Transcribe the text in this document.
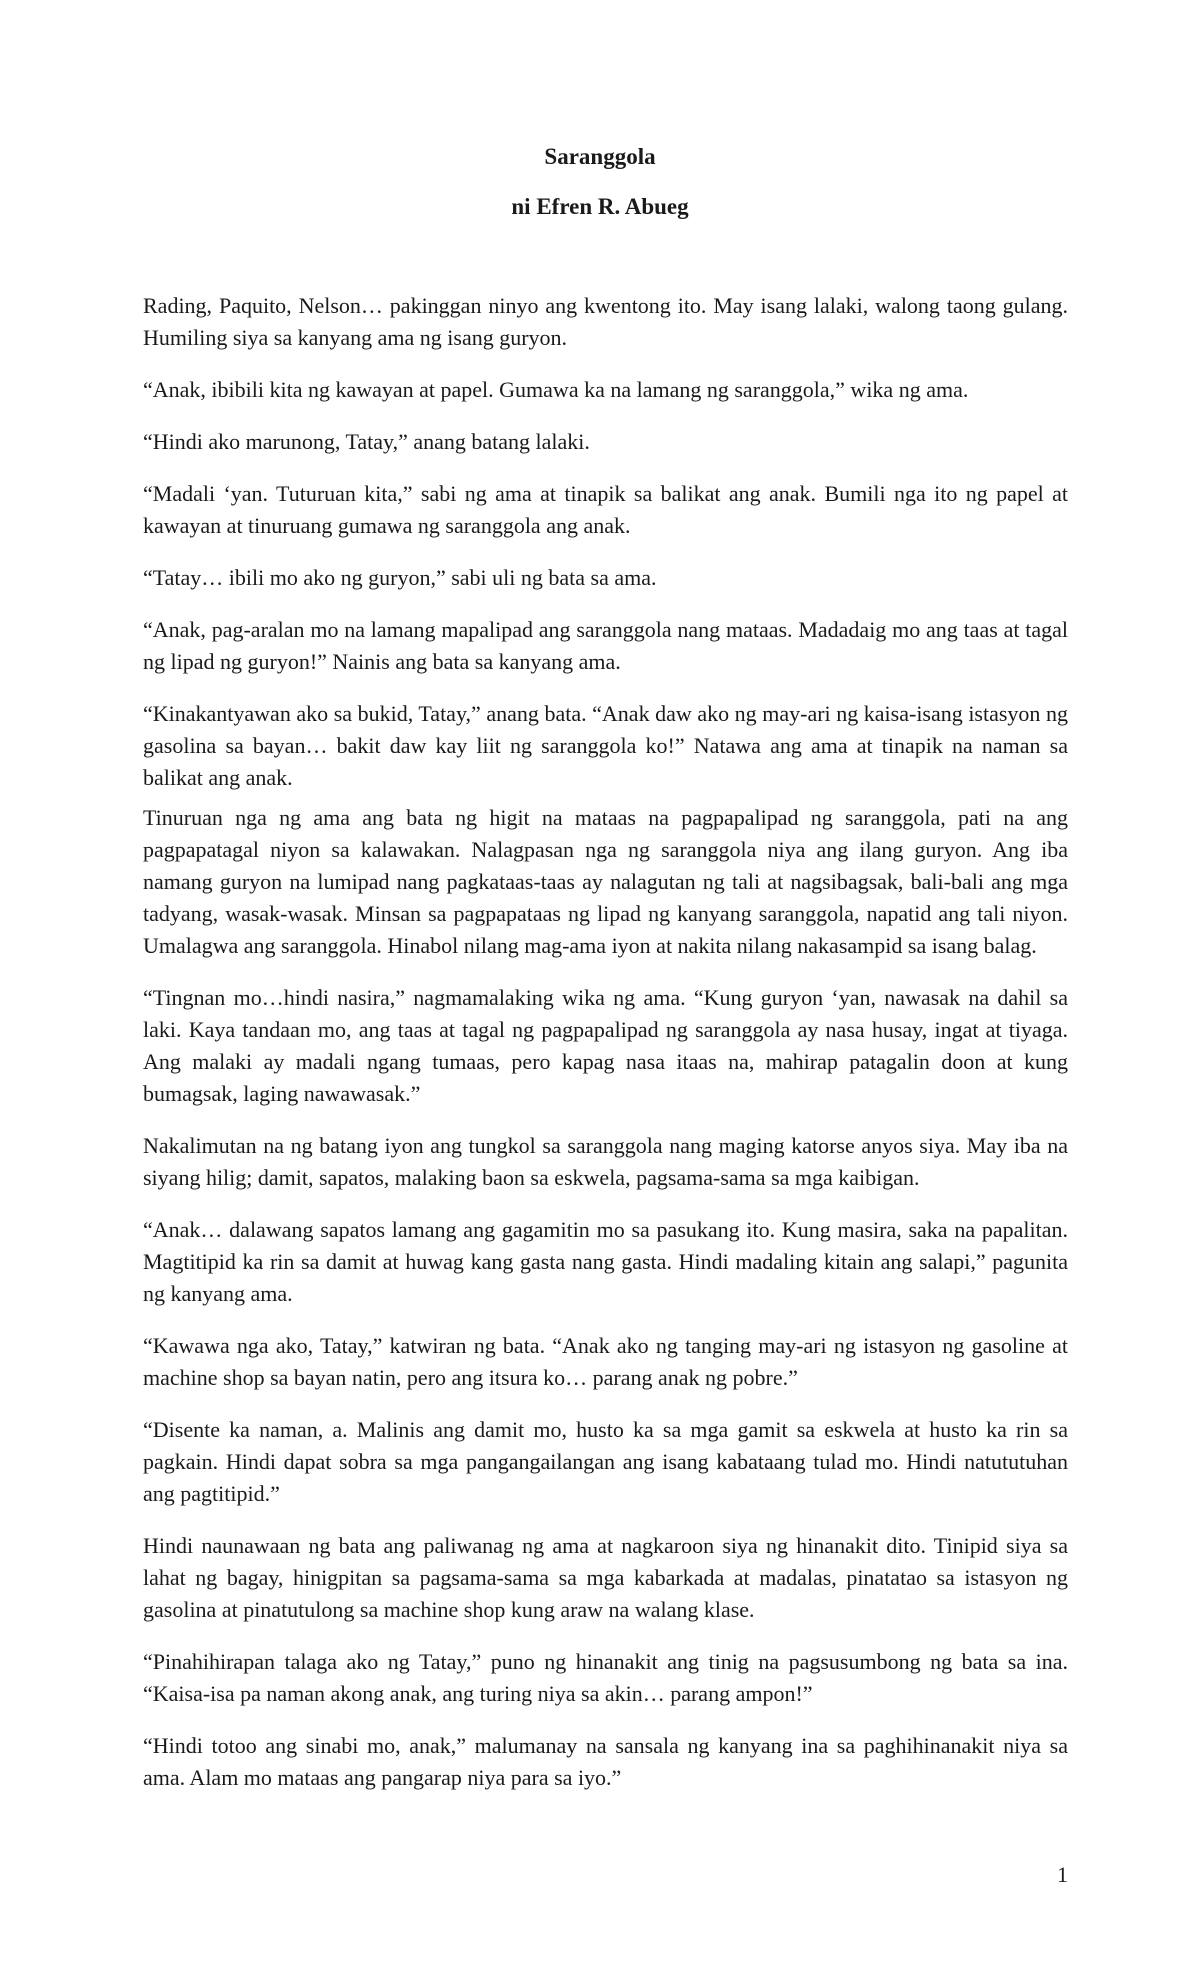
Saranggola
ni Efren R. Abueg

Rading, Paquito, Nelson… pakinggan ninyo ang kwentong ito. May isang lalaki, walong taong gulang. Humiling siya sa kanyang ama ng isang guryon.

“Anak, ibibili kita ng kawayan at papel. Gumawa ka na lamang ng saranggola,” wika ng ama.

“Hindi ako marunong, Tatay,” anang batang lalaki.

“Madali ‘yan. Tuturuan kita,” sabi ng ama at tinapik sa balikat ang anak. Bumili nga ito ng papel at kawayan at tinuruang gumawa ng saranggola ang anak.

“Tatay… ibili mo ako ng guryon,” sabi uli ng bata sa ama.

“Anak, pag-aralan mo na lamang mapalipad ang saranggola nang mataas. Madadaig mo ang taas at tagal ng lipad ng guryon!” Nainis ang bata sa kanyang ama.

“Kinakantyawan ako sa bukid, Tatay,” anang bata. “Anak daw ako ng may-ari ng kaisa-isang istasyon ng gasolina sa bayan… bakit daw kay liit ng saranggola ko!” Natawa ang ama at tinapik na naman sa balikat ang anak.

Tinuruan nga ng ama ang bata ng higit na mataas na pagpapalipad ng saranggola, pati na ang pagpapatagal niyon sa kalawakan. Nalagpasan nga ng saranggola niya ang ilang guryon. Ang iba namang guryon na lumipad nang pagkataas-taas ay nalagutan ng tali at nagsibagsak, bali-bali ang mga tadyang, wasak-wasak. Minsan sa pagpapataas ng lipad ng kanyang saranggola, napatid ang tali niyon. Umalagwa ang saranggola. Hinabol nilang mag-ama iyon at nakita nilang nakasampid sa isang balag.

“Tingnan mo…hindi nasira,” nagmamalaking wika ng ama. “Kung guryon ‘yan, nawasak na dahil sa laki. Kaya tandaan mo, ang taas at tagal ng pagpapalipad ng saranggola ay nasa husay, ingat at tiyaga. Ang malaki ay madali ngang tumaas, pero kapag nasa itaas na, mahirap patagalin doon at kung bumagsak, laging nawawasak.”

Nakalimutan na ng batang iyon ang tungkol sa saranggola nang maging katorse anyos siya. May iba na siyang hilig; damit, sapatos, malaking baon sa eskwela, pagsama-sama sa mga kaibigan.

“Anak… dalawang sapatos lamang ang gagamitin mo sa pasukang ito. Kung masira, saka na papalitan. Magtitipid ka rin sa damit at huwag kang gasta nang gasta. Hindi madaling kitain ang salapi,” pagunita ng kanyang ama.

“Kawawa nga ako, Tatay,” katwiran ng bata. “Anak ako ng tanging may-ari ng istasyon ng gasoline at machine shop sa bayan natin, pero ang itsura ko… parang anak ng pobre.”

“Disente ka naman, a. Malinis ang damit mo, husto ka sa mga gamit sa eskwela at husto ka rin sa pagkain. Hindi dapat sobra sa mga pangangailangan ang isang kabataang tulad mo. Hindi natututuhan ang pagtitipid.”

Hindi naunawaan ng bata ang paliwanag ng ama at nagkaroon siya ng hinanakit dito. Tinipid siya sa lahat ng bagay, hinigpitan sa pagsama-sama sa mga kabarkada at madalas, pinatatao sa istasyon ng gasolina at pinatutulong sa machine shop kung araw na walang klase.

“Pinahihirapan talaga ako ng Tatay,” puno ng hinanakit ang tinig na pagsusumbong ng bata sa ina. “Kaisa-isa pa naman akong anak, ang turing niya sa akin… parang ampon!”

“Hindi totoo ang sinabi mo, anak,” malumanay na sansala ng kanyang ina sa paghihinanakit niya sa ama. Alam mo mataas ang pangarap niya para sa iyo.”

1
